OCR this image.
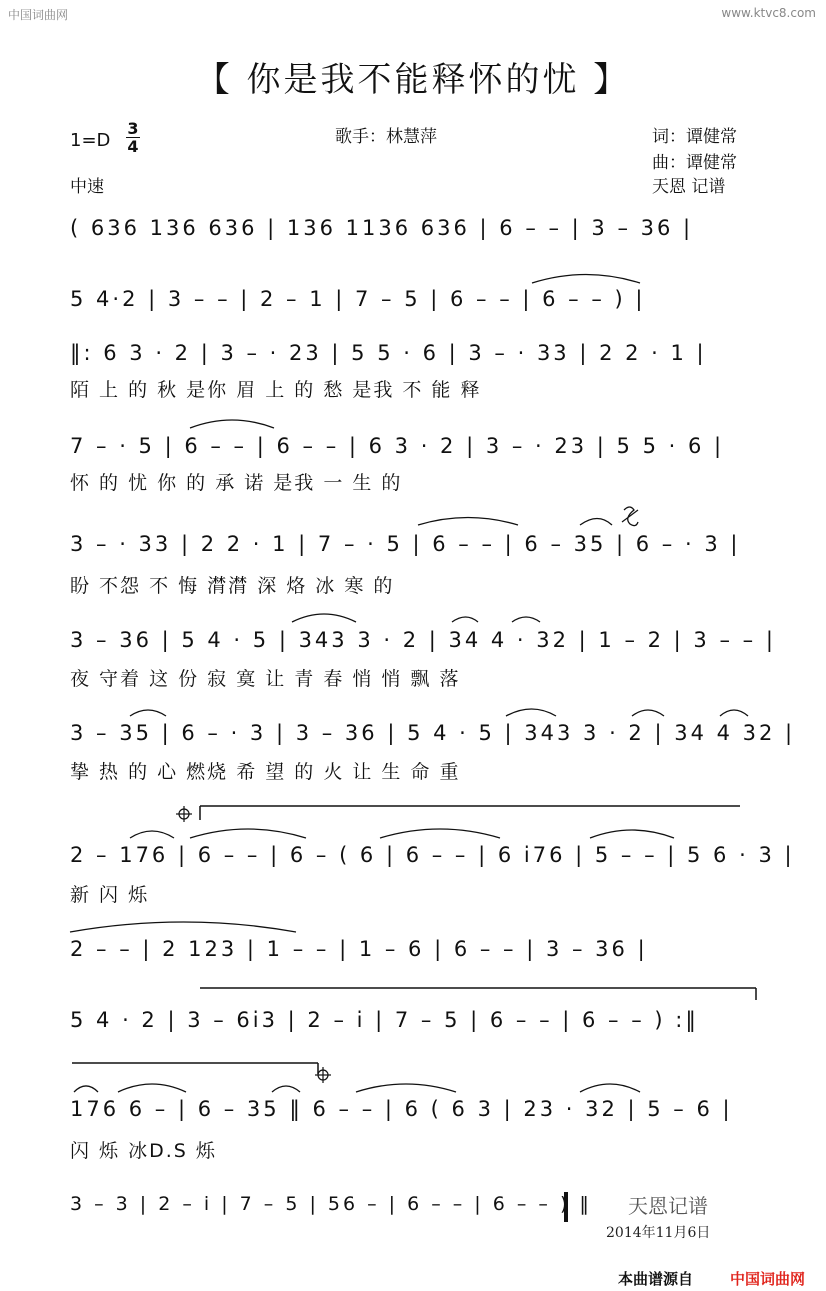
中国词曲网	www.ktvc8.com
【 你是我不能释怀的忧 】
1=D
3
4	歌手：林慧萍	词：谭健常
曲：谭健常
中速	天恩 记谱
( 636 136 636 | 136 1136 636 | 6 – – | 3 – 36 |
5 4·2 | 3 – – | 2 – 1 | 7 – 5 | 6 – – | 6 – – ) |
‖: 6 3 · 2 | 3 – · 23 | 5 5 · 6 | 3 – · 33 | 2 2 · 1 |
陌 上 的 秋 是你 眉 上 的 愁 是我 不 能 释
7 – · 5 | 6 – – | 6 – – | 6 3 · 2 | 3 – · 23 | 5 5 · 6 |
怀 的 忧 你 的 承 诺 是我 一 生 的
3 – · 33 | 2 2 · 1 | 7 – · 5 | 6 – – | 6 – 35 | 6 – · 3 |
盼 不怨 不 悔 潸潸 深 烙 冰 寒 的
3 – 36 | 5 4 · 5 | 343 3 · 2 | 34 4 · 32 | 1 – 2 | 3 – – |
夜 守着 这 份 寂 寞 让 青 春 悄 悄 飘 落
3 – 35 | 6 – · 3 | 3 – 36 | 5 4 · 5 | 343 3 · 2 | 34 4 32 |
挚 热 的 心 燃烧 希 望 的 火 让 生 命 重
2 – 176 | 6 – – | 6 – ( 6 | 6 – – | 6 i76 | 5 – – | 5 6 · 3 |
新 闪 烁
2 – – | 2 123 | 1 – – | 1 – 6 | 6 – – | 3 – 36 |
5 4 · 2 | 3 – 6i3 | 2 – i | 7 – 5 | 6 – – | 6 – – ) :‖
176 6 – | 6 – 35 ‖ 6 – – | 6 ( 6 3 | 23 · 32 | 5 – 6 |
闪 烁 冰D.S 烁
3 – 3 | 2 – i | 7 – 5 | 56 – | 6 – – | 6 – – ) ‖ 天恩记谱
2014年11月6日
本曲谱源自 中国词曲网
